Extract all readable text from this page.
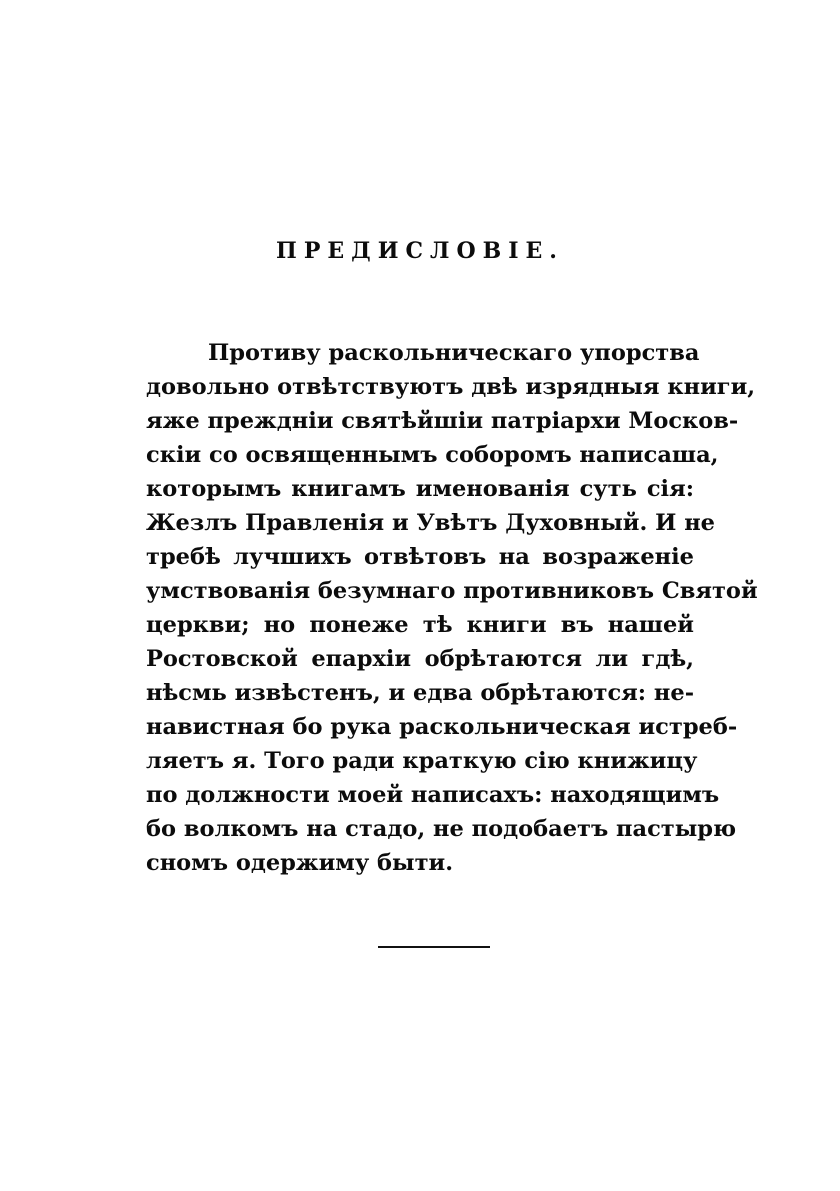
ПРЕДИСЛОВІЕ.
Противу раскольническаго упорства
довольно отвѣтствуютъ двѣ изрядныя книги,
яже прежднiи святѣйшiи патрiархи Москов-
скiи со освященнымъ соборомъ написаша,
которымъ книгамъ именованiя суть сiя:
Жезлъ Правленiя и Увѣтъ Духовный. И не
требѣ лучшихъ отвѣтовъ на возраженiе
умствованiя безумнаго противниковъ Святой
церкви; но понеже тѣ книги въ нашей
Ростовской епархiи обрѣтаются ли гдѣ,
нѣсмь извѣстенъ, и едва обрѣтаются: не-
навистная бо рука раскольническая истреб-
ляетъ я. Того ради краткую сiю книжицу
по должности моей написахъ: находящимъ
бо волкомъ на стадо, не подобаетъ пастырю
сномъ одержиму быти.
